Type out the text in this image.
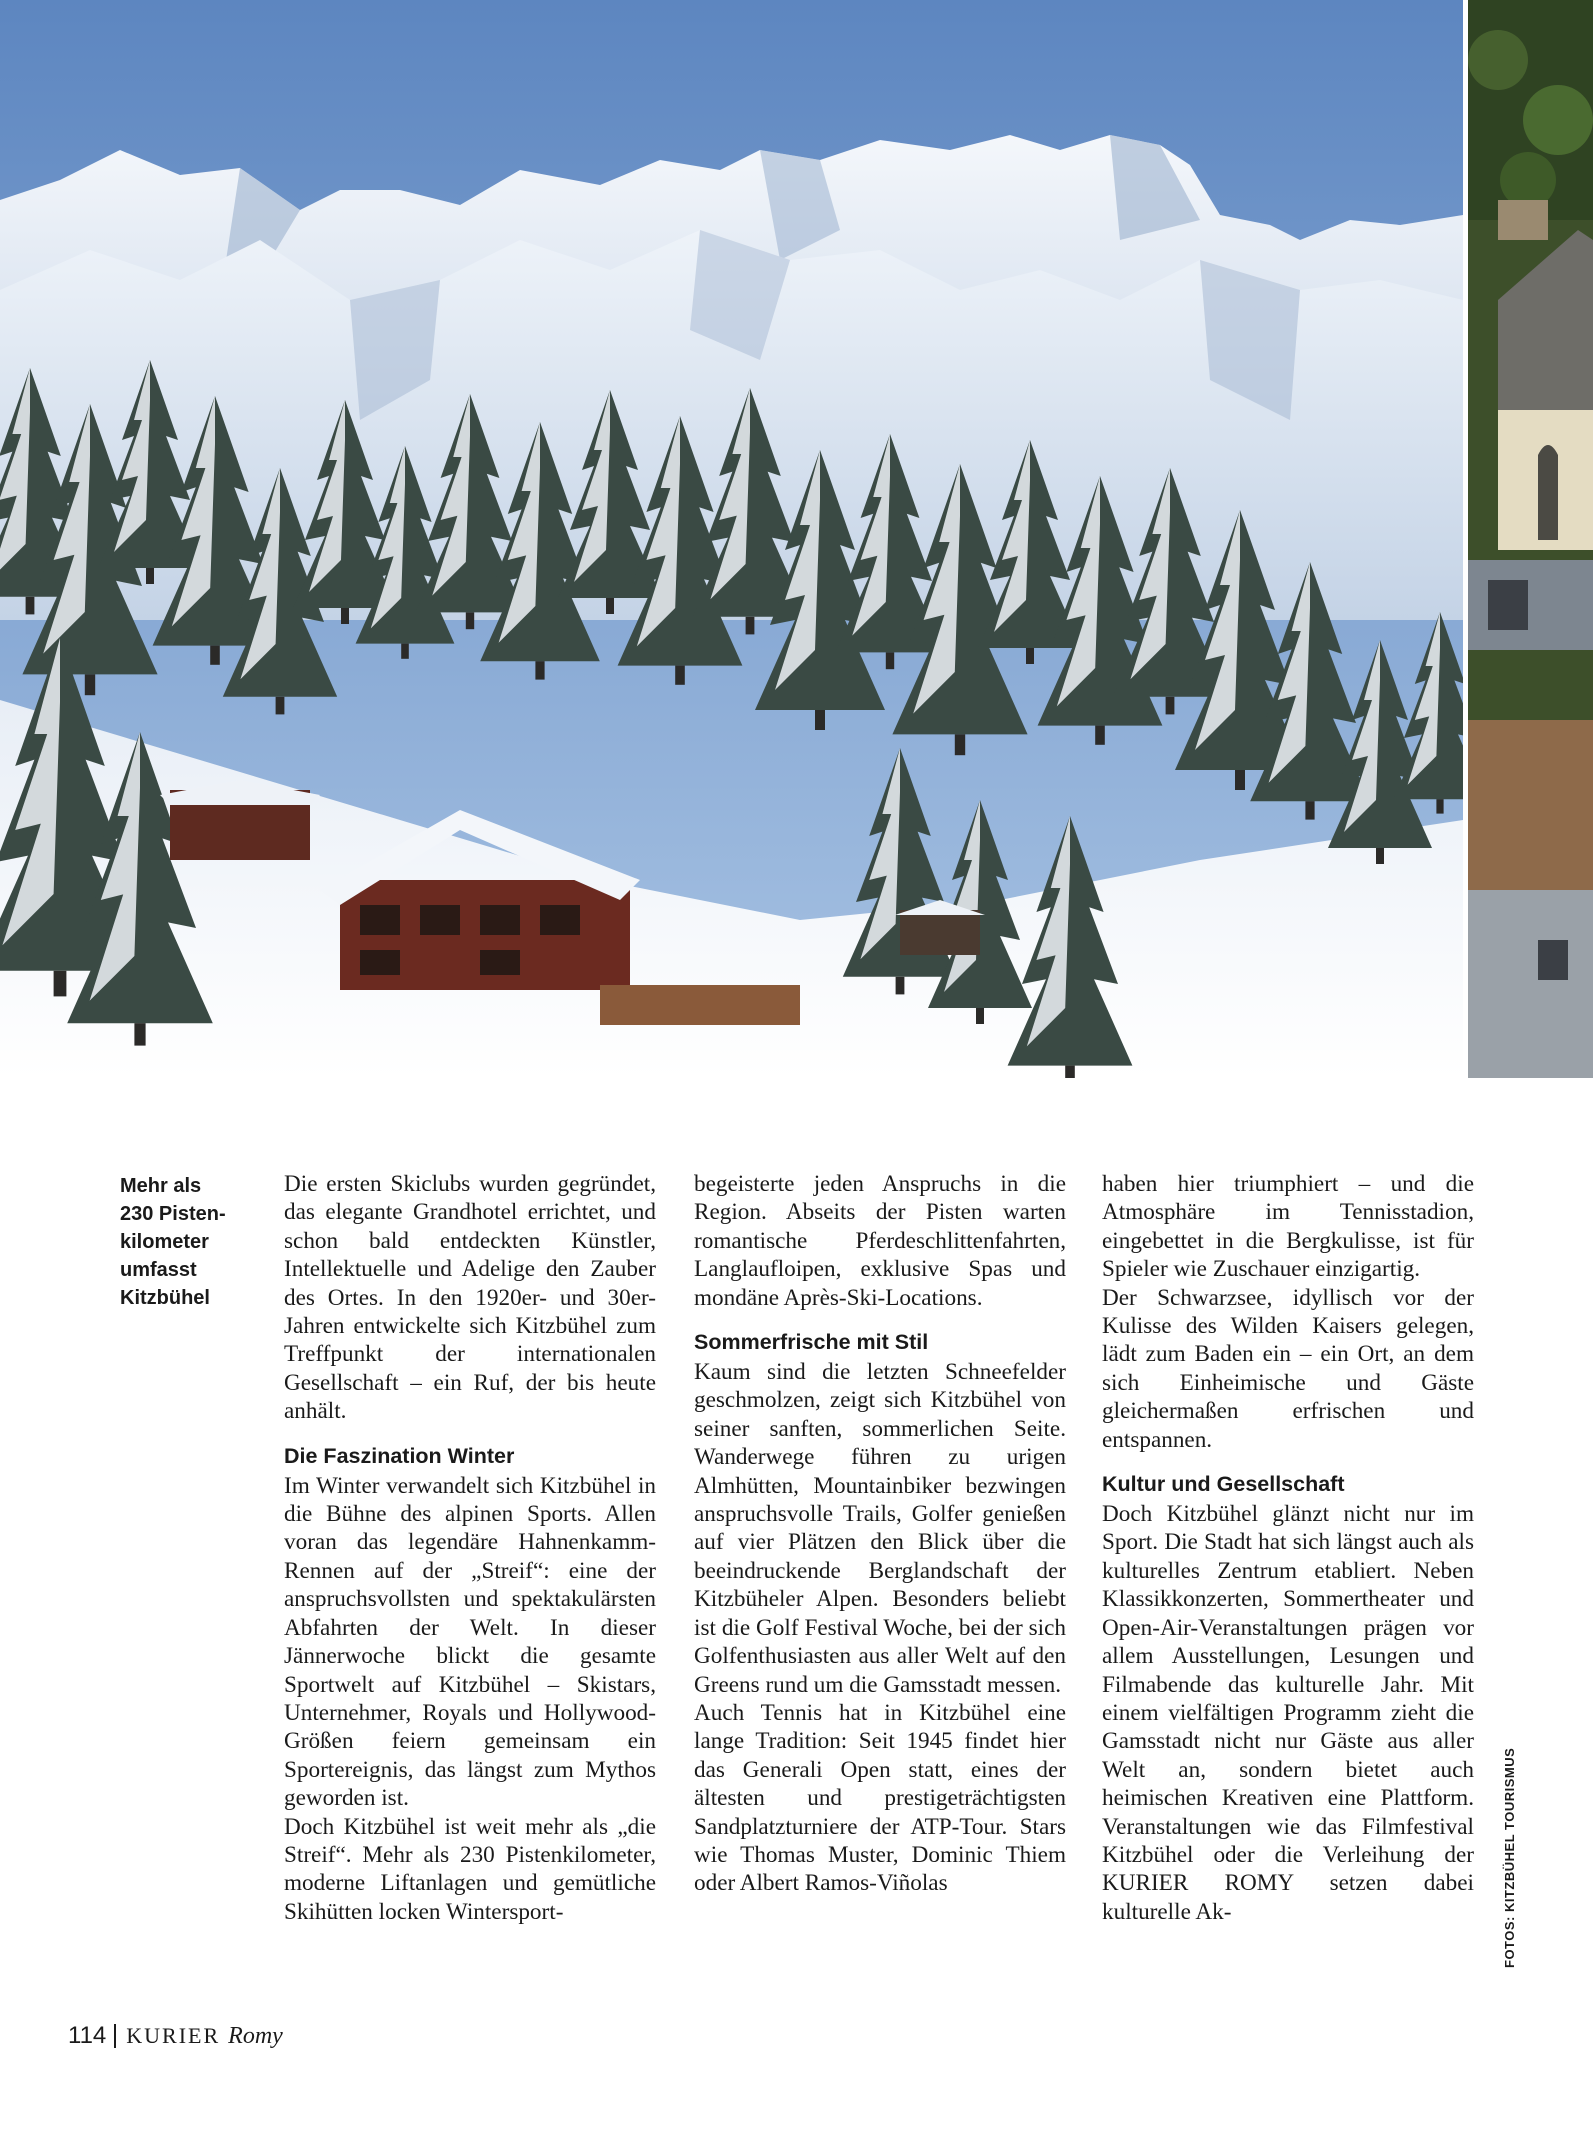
Mehr als
230 Pisten-
kilometer
umfasst
Kitzbühel

Die ersten Skiclubs wurden gegründet, das elegante Grandhotel errichtet, und schon bald entdeckten Künstler, Intellektuelle und Adelige den Zauber des Ortes. In den 1920er- und 30er-Jahren entwickelte sich Kitzbühel zum Treffpunkt der internationalen Gesellschaft – ein Ruf, der bis heute anhält.

Die Faszination Winter

Im Winter verwandelt sich Kitzbühel in die Bühne des alpinen Sports. Allen voran das legendäre Hahnenkamm-Rennen auf der „Streif“: eine der anspruchsvollsten und spektakulärsten Abfahrten der Welt. In dieser Jännerwoche blickt die gesamte Sportwelt auf Kitzbühel – Skistars, Unternehmer, Royals und Hollywood-Größen feiern gemeinsam ein Sportereignis, das längst zum Mythos geworden ist.

Doch Kitzbühel ist weit mehr als „die Streif“. Mehr als 230 Pistenkilometer, moderne Liftanlagen und gemütliche Skihütten locken Wintersport-

begeisterte jeden Anspruchs in die Region. Abseits der Pisten warten romantische Pferdeschlittenfahrten, Langlaufloipen, exklusive Spas und mondäne Après-Ski-Locations.

Sommerfrische mit Stil

Kaum sind die letzten Schneefelder geschmolzen, zeigt sich Kitzbühel von seiner sanften, sommerlichen Seite. Wanderwege führen zu urigen Almhütten, Mountainbiker bezwingen anspruchsvolle Trails, Golfer genießen auf vier Plätzen den Blick über die beeindruckende Berglandschaft der Kitzbüheler Alpen. Besonders beliebt ist die Golf Festival Woche, bei der sich Golfenthusiasten aus aller Welt auf den Greens rund um die Gamsstadt messen.

Auch Tennis hat in Kitzbühel eine lange Tradition: Seit 1945 findet hier das Generali Open statt, eines der ältesten und prestigeträchtigsten Sandplatzturniere der ATP-Tour. Stars wie Thomas Muster, Dominic Thiem oder Albert Ramos-Viñolas

haben hier triumphiert – und die Atmosphäre im Tennisstadion, eingebettet in die Bergkulisse, ist für Spieler wie Zuschauer einzigartig.

Der Schwarzsee, idyllisch vor der Kulisse des Wilden Kaisers gelegen, lädt zum Baden ein – ein Ort, an dem sich Einheimische und Gäste gleichermaßen erfrischen und entspannen.

Kultur und Gesellschaft

Doch Kitzbühel glänzt nicht nur im Sport. Die Stadt hat sich längst auch als kulturelles Zentrum etabliert. Neben Klassikkonzerten, Sommertheater und Open-Air-Veranstaltungen prägen vor allem Ausstellungen, Lesungen und Filmabende das kulturelle Jahr. Mit einem vielfältigen Programm zieht die Gamsstadt nicht nur Gäste aus aller Welt an, sondern bietet auch heimischen Kreativen eine Plattform. Veranstaltungen wie das Filmfestival Kitzbühel oder die Verleihung der KURIER ROMY setzen dabei kulturelle Ak-	FOTOS: KITZBÜHEL TOURISMUS
114 KURIER Romy
